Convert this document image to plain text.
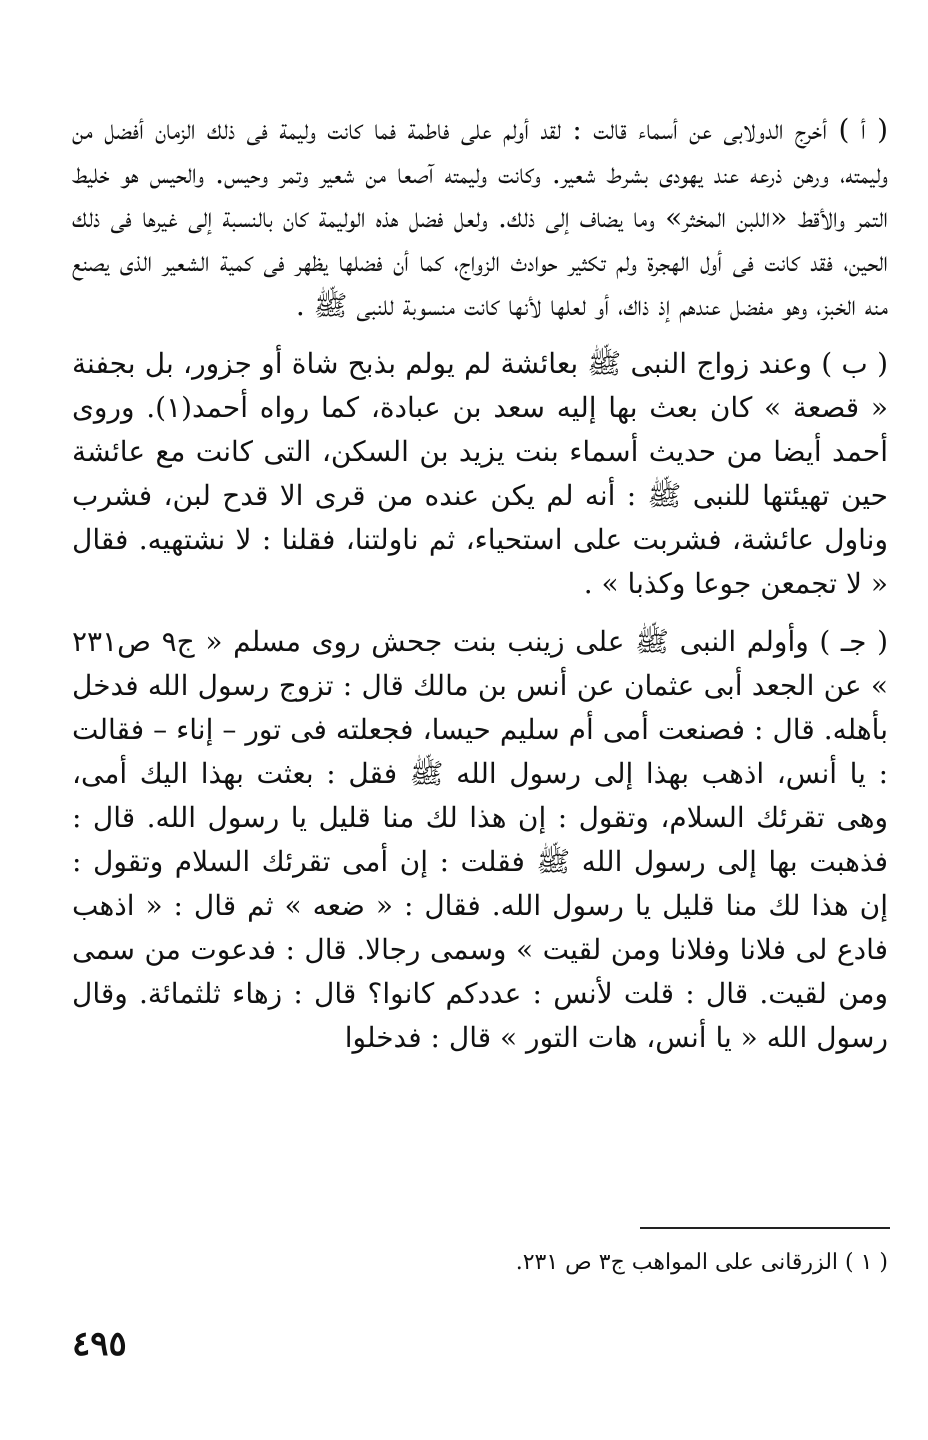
( أ ) أخرج الدولابى عن أسماء قالت : لقد أولم على فاطمة فما كانت وليمة فى ذلك الزمان أفضل من وليمته، ورهن ذرعه عند يهودى بشرط شعير. وكانت وليمته آصعا من شعير وتمر وحيس. والحيس هو خليط التمر والأقط «اللبن المخثر» وما يضاف إلى ذلك. ولعل فضل هذه الوليمة كان بالنسبة إلى غيرها فى ذلك الحين، فقد كانت فى أول الهجرة ولم تكثير حوادث الزواج، كما أن فضلها يظهر فى كمية الشعير الذى يصنع منه الخبز، وهو مفضل عندهم إذ ذاك، أو لعلها لأنها كانت منسوبة للنبى ﷺ .

( ب ) وعند زواج النبى ﷺ بعائشة لم يولم بذبح شاة أو جزور، بل بجفنة « قصعة » كان بعث بها إليه سعد بن عبادة، كما رواه أحمد(١). وروى أحمد أيضا من حديث أسماء بنت يزيد بن السكن، التى كانت مع عائشة حين تهيئتها للنبى ﷺ : أنه لم يكن عنده من قرى الا قدح لبن، فشرب وناول عائشة، فشربت على استحياء، ثم ناولتنا، فقلنا : لا نشتهيه. فقال « لا تجمعن جوعا وكذبا » .

( جـ ) وأولم النبى ﷺ على زينب بنت جحش روى مسلم « ج٩ ص٢٣١ » عن الجعد أبى عثمان عن أنس بن مالك قال : تزوج رسول الله فدخل بأهله. قال : فصنعت أمى أم سليم حيسا، فجعلته فى تور – إناء – فقالت : يا أنس، اذهب بهذا إلى رسول الله ﷺ فقل : بعثت بهذا اليك أمى، وهى تقرئك السلام، وتقول : إن هذا لك منا قليل يا رسول الله. قال : فذهبت بها إلى رسول الله ﷺ فقلت : إن أمى تقرئك السلام وتقول : إن هذا لك منا قليل يا رسول الله. فقال : « ضعه » ثم قال : « اذهب فادع لى فلانا وفلانا ومن لقيت » وسمى رجالا. قال : فدعوت من سمى ومن لقيت. قال : قلت لأنس : عددكم كانوا؟ قال : زهاء ثلثمائة. وقال رسول الله « يا أنس، هات التور » قال : فدخلوا

( ١ ) الزرقانى على المواهب ج٣ ص ٢٣١.
٤٩٥
